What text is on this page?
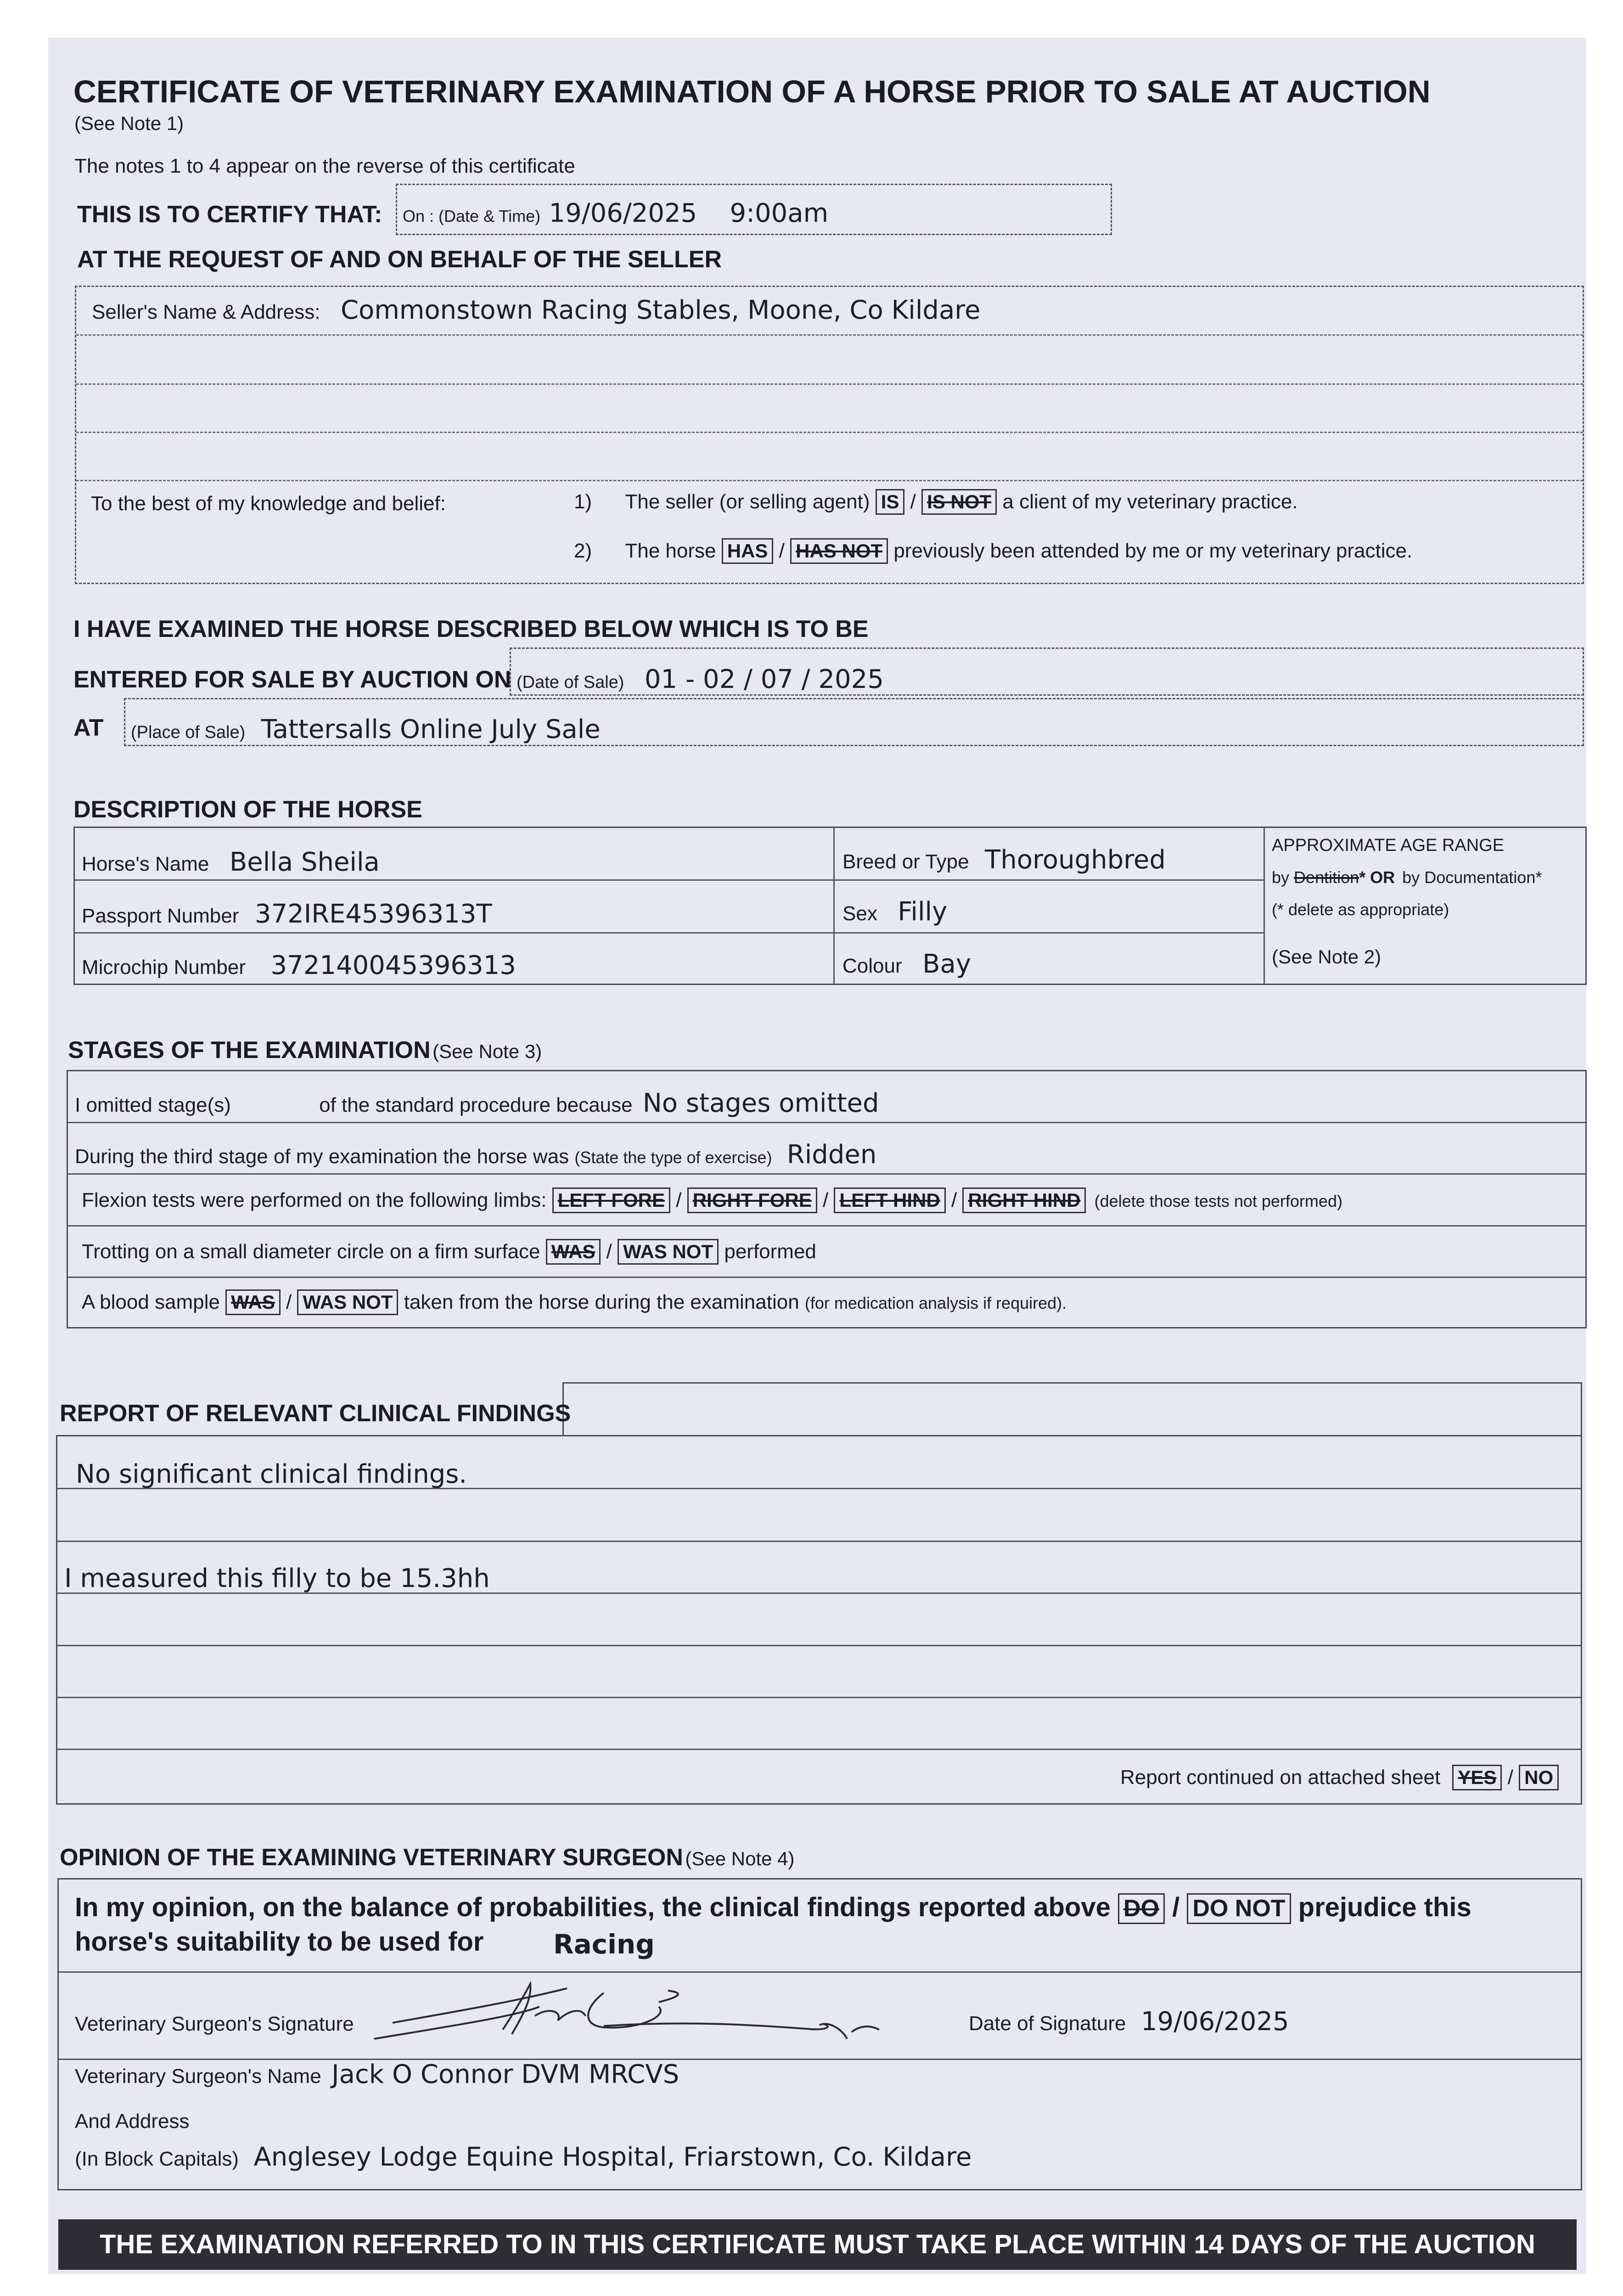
CERTIFICATE OF VETERINARY EXAMINATION OF A HORSE PRIOR TO SALE AT AUCTION
(See Note 1)
The notes 1 to 4 appear on the reverse of this certificate
THIS IS TO CERTIFY THAT: On : (Date & Time) 19/06/2025    9:00am
AT THE REQUEST OF AND ON BEHALF OF THE SELLER
Seller's Name & Address: Commonstown Racing Stables, Moone, Co Kildare
To the best of my knowledge and belief:	1) The seller (or selling agent) IS / IS NOT a client of my veterinary practice.
2) The horse HAS / HAS NOT previously been attended by me or my veterinary practice.
I HAVE EXAMINED THE HORSE DESCRIBED BELOW WHICH IS TO BE
ENTERED FOR SALE BY AUCTION ON (Date of Sale) 01 - 02 / 07 / 2025
AT (Place of Sale) Tattersalls Online July Sale
DESCRIPTION OF THE HORSE
Horse's Name Bella Sheila
Passport Number 372IRE45396313T
Microchip Number 372140045396313
Breed or Type Thoroughbred
Sex Filly
Colour Bay
APPROXIMATE AGE RANGE
by Dentition* OR by Documentation*
(* delete as appropriate)
(See Note 2)
STAGES OF THE EXAMINATION (See Note 3)
I omitted stage(s)	of the standard procedure because No stages omitted
During the third stage of my examination the horse was (State the type of exercise) Ridden
Flexion tests were performed on the following limbs: LEFT FORE / RIGHT FORE / LEFT HIND / RIGHT HIND (delete those tests not performed)
Trotting on a small diameter circle on a firm surface WAS / WAS NOT performed
A blood sample WAS / WAS NOT taken from the horse during the examination (for medication analysis if required).
REPORT OF RELEVANT CLINICAL FINDINGS
No significant clinical findings.
I measured this filly to be 15.3hh
Report continued on attached sheet YES / NO
OPINION OF THE EXAMINING VETERINARY SURGEON (See Note 4)
In my opinion, on the balance of probabilities, the clinical findings reported above DO / DO NOT prejudice this
horse's suitability to be used for	Racing
Veterinary Surgeon's Signature	Date of Signature 19/06/2025
Veterinary Surgeon's Name Jack O Connor DVM MRCVS
And Address
(In Block Capitals) Anglesey Lodge Equine Hospital, Friarstown, Co. Kildare
THE EXAMINATION REFERRED TO IN THIS CERTIFICATE MUST TAKE PLACE WITHIN 14 DAYS OF THE AUCTION
